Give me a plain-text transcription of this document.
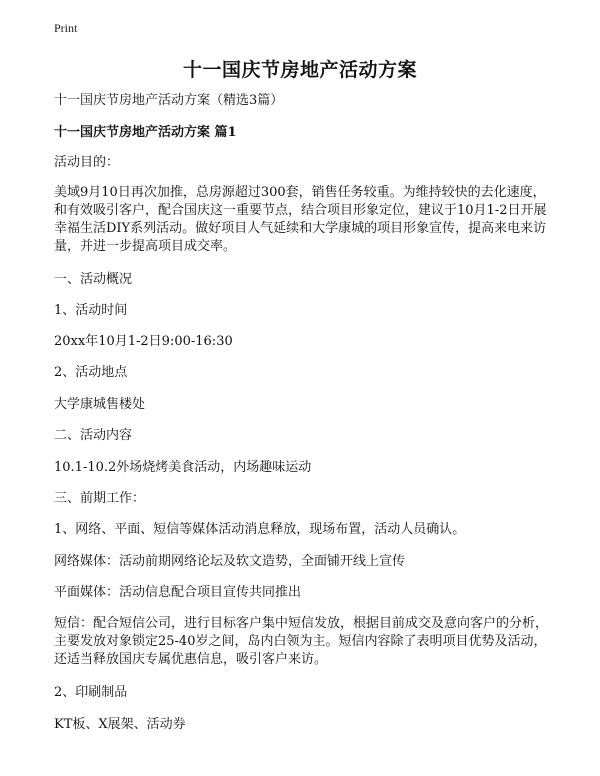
Print
十一国庆节房地产活动方案

十一国庆节房地产活动方案（精选3篇）

十一国庆节房地产活动方案 篇1

活动目的：

美域9月10日再次加推，总房源超过300套，销售任务较重。为维持较快的去化速度，和有效吸引客户，配合国庆这一重要节点，结合项目形象定位，建议于10月1-2日开展幸福生活DIY系列活动。做好项目人气延续和大学康城的项目形象宣传，提高来电来访量，并进一步提高项目成交率。

一、活动概况

1、活动时间

20xx年10月1-2日9:00-16:30

2、活动地点

大学康城售楼处

二、活动内容

10.1-10.2外场烧烤美食活动，内场趣味运动

三、前期工作：

1、网络、平面、短信等媒体活动消息释放，现场布置，活动人员确认。

网络媒体：活动前期网络论坛及软文造势，全面铺开线上宣传

平面媒体：活动信息配合项目宣传共同推出

短信：配合短信公司，进行目标客户集中短信发放，根据目前成交及意向客户的分析，主要发放对象锁定25-40岁之间，岛内白领为主。短信内容除了表明项目优势及活动，还适当释放国庆专属优惠信息，吸引客户来访。

2、印刷制品

KT板、X展架、活动券
